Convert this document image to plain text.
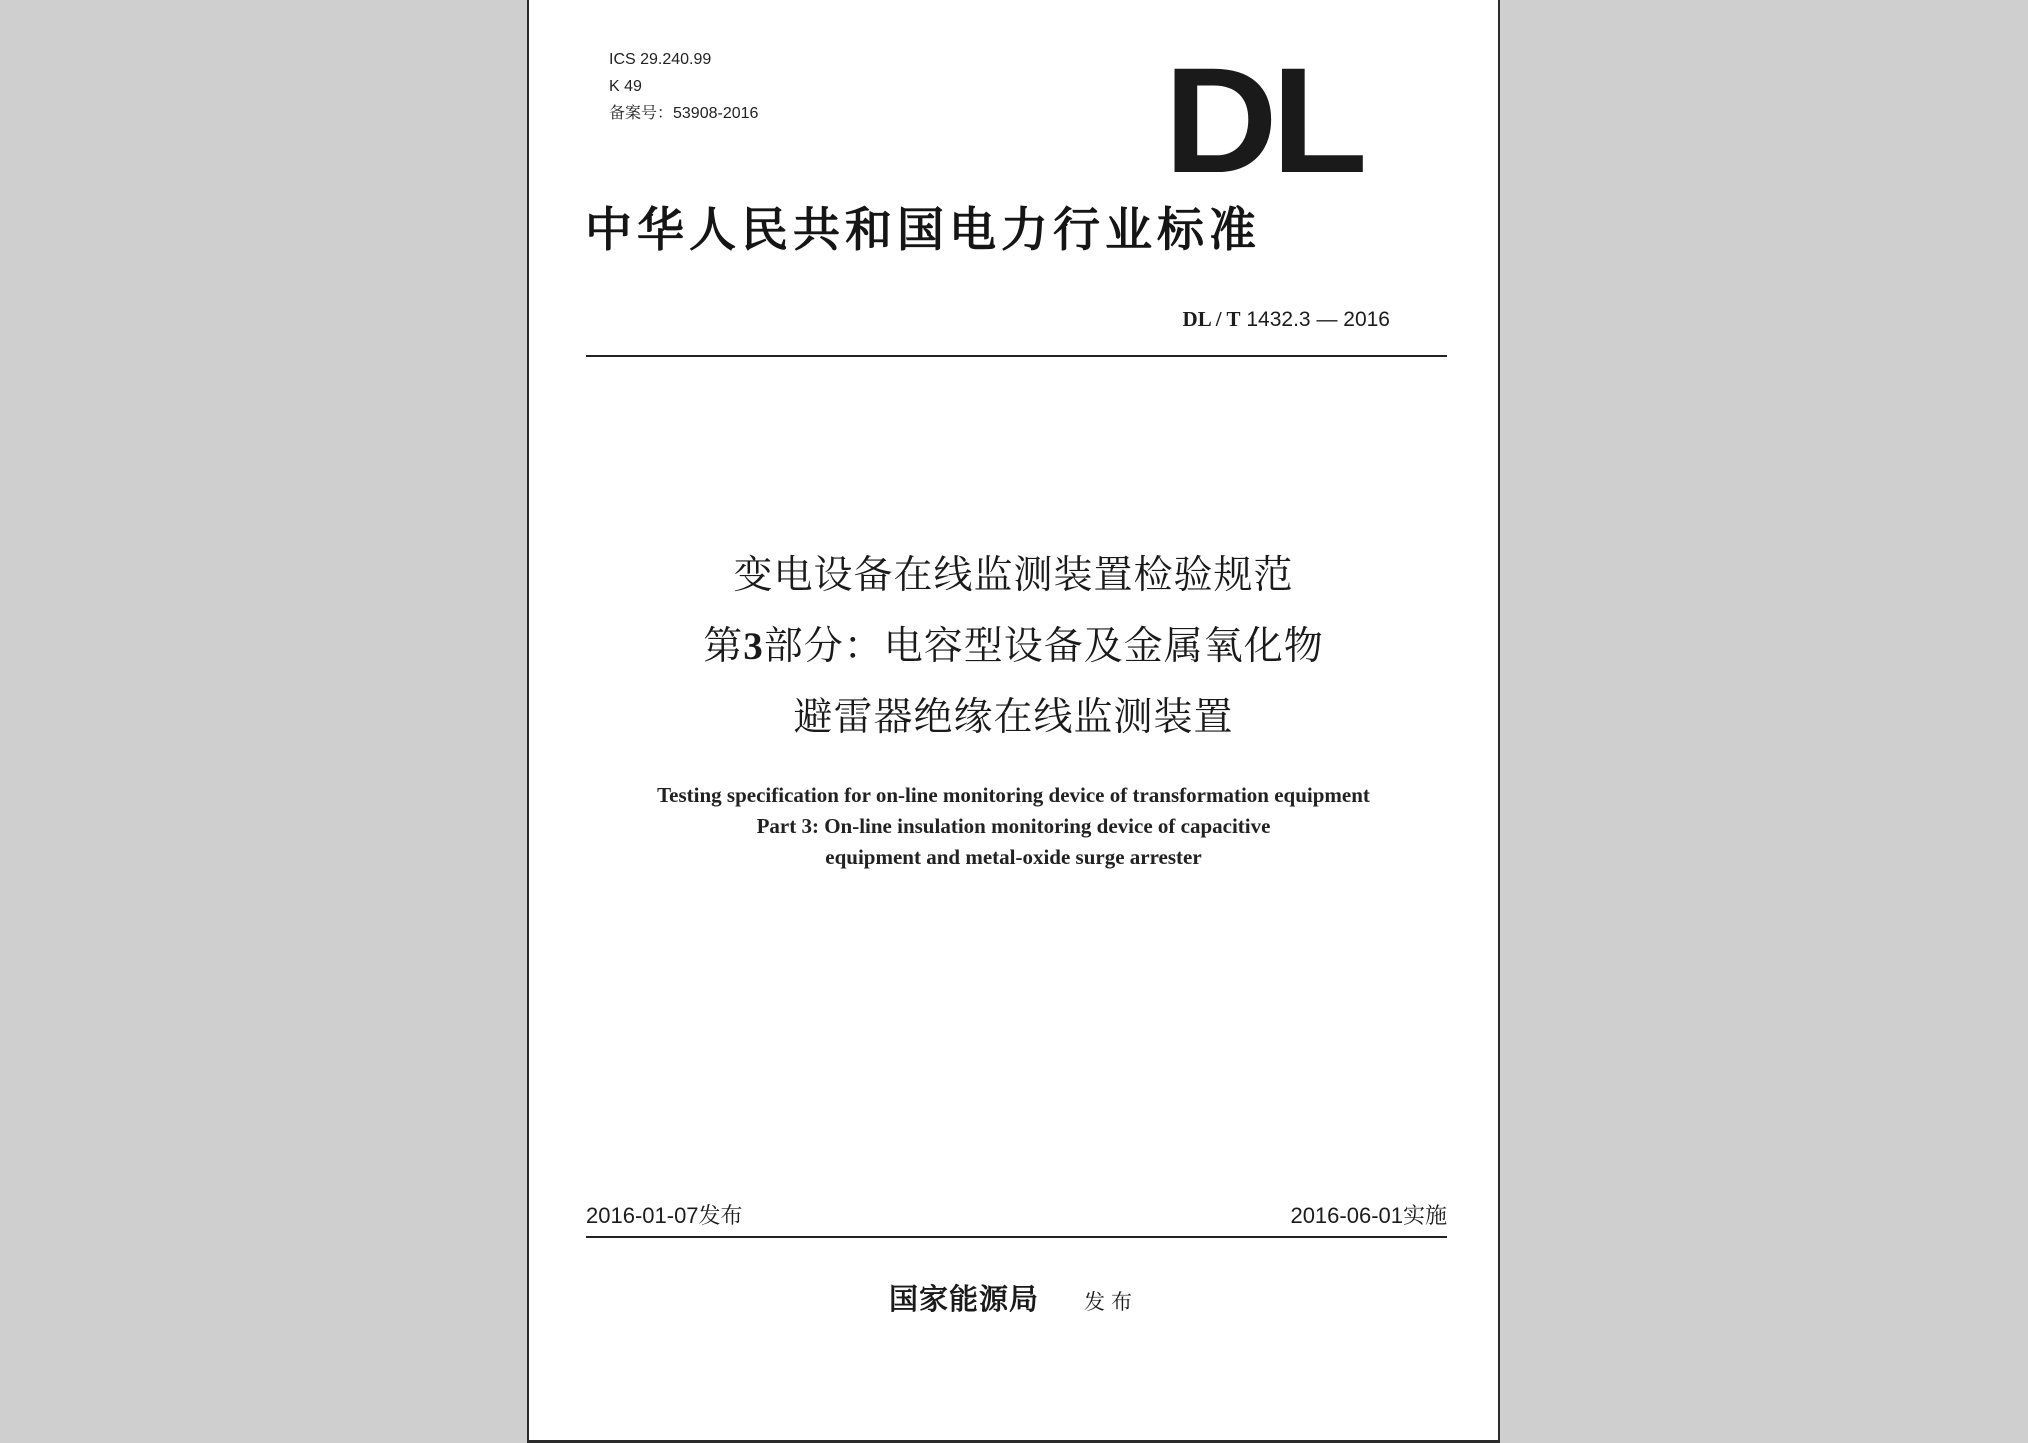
ICS 29.240.99
K 49
备案号：53908-2016	DL
中华人民共和国电力行业标准
DL / T 1432.3 — 2016
变电设备在线监测装置检验规范
第3部分：电容型设备及金属氧化物
避雷器绝缘在线监测装置
Testing specification for on-line monitoring device of transformation equipment
Part 3: On-line insulation monitoring device of capacitive
equipment and metal-oxide surge arrester
2016-01-07发布	2016-06-01实施
国家能源局 发布
